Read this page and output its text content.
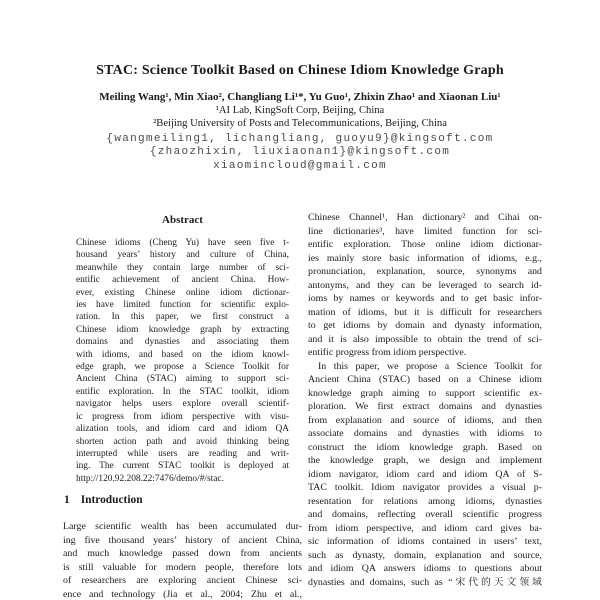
STAC: Science Toolkit Based on Chinese Idiom Knowledge Graph
Meiling Wang¹, Min Xiao², Changliang Li¹*, Yu Guo¹, Zhixin Zhao¹ and Xiaonan Liu¹
¹AI Lab, KingSoft Corp, Beijing, China
²Beijing University of Posts and Telecommunications, Beijing, China
{wangmeiling1, lichangliang, guoyu9}@kingsoft.com
{zhaozhixin, liuxiaonan1}@kingsoft.com
xiaomincloud@gmail.com
Abstract
Chinese idioms (Cheng Yu) have seen five t-
housand years’ history and culture of China,
meanwhile they contain large number of sci-
entific achievement of ancient China. How-
ever, existing Chinese online idiom dictionar-
ies have limited function for scientific explo-
ration. In this paper, we first construct a
Chinese idiom knowledge graph by extracting
domains and dynasties and associating them
with idioms, and based on the idiom knowl-
edge graph, we propose a Science Toolkit for
Ancient China (STAC) aiming to support sci-
entific exploration. In the STAC toolkit, idiom
navigator helps users explore overall scientif-
ic progress from idiom perspective with visu-
alization tools, and idiom card and idiom QA
shorten action path and avoid thinking being
interrupted while users are reading and writ-
ing. The current STAC toolkit is deployed at
http://120.92.208.22:7476/demo/#/stac.
1 Introduction
Large scientific wealth has been accumulated dur-
ing five thousand years’ history of ancient China,
and much knowledge passed down from ancients
is still valuable for modern people, therefore lots
of researchers are exploring ancient Chinese sci-
ence and technology (Jia et al., 2004; Zhu et al.,
Chinese Channel¹, Han dictionary² and Cihai on-
line dictionaries³, have limited function for sci-
entific exploration. Those online idiom dictionar-
ies mainly store basic information of idioms, e.g.,
pronunciation, explanation, source, synonyms and
antonyms, and they can be leveraged to search id-
ioms by names or keywords and to get basic infor-
mation of idioms, but it is difficult for researchers
to get idioms by domain and dynasty information,
and it is also impossible to obtain the trend of sci-
entific progress from idiom perspective.
In this paper, we propose a Science Toolkit for
Ancient China (STAC) based on a Chinese idiom
knowledge graph aiming to support scientific ex-
ploration. We first extract domains and dynasties
from explanation and source of idioms, and then
associate domains and dynasties with idioms to
construct the idiom knowledge graph. Based on
the knowledge graph, we design and implement
idiom navigator, idiom card and idiom QA of S-
TAC toolkit. Idiom navigator provides a visual p-
resentation for relations among idioms, dynasties
and domains, reflecting overall scientific progress
from idiom perspective, and idiom card gives ba-
sic information of idioms contained in users’ text,
such as dynasty, domain, explanation and source,
and idiom QA answers idioms to questions about
dynasties and domains, such as “宋代的天文领域
